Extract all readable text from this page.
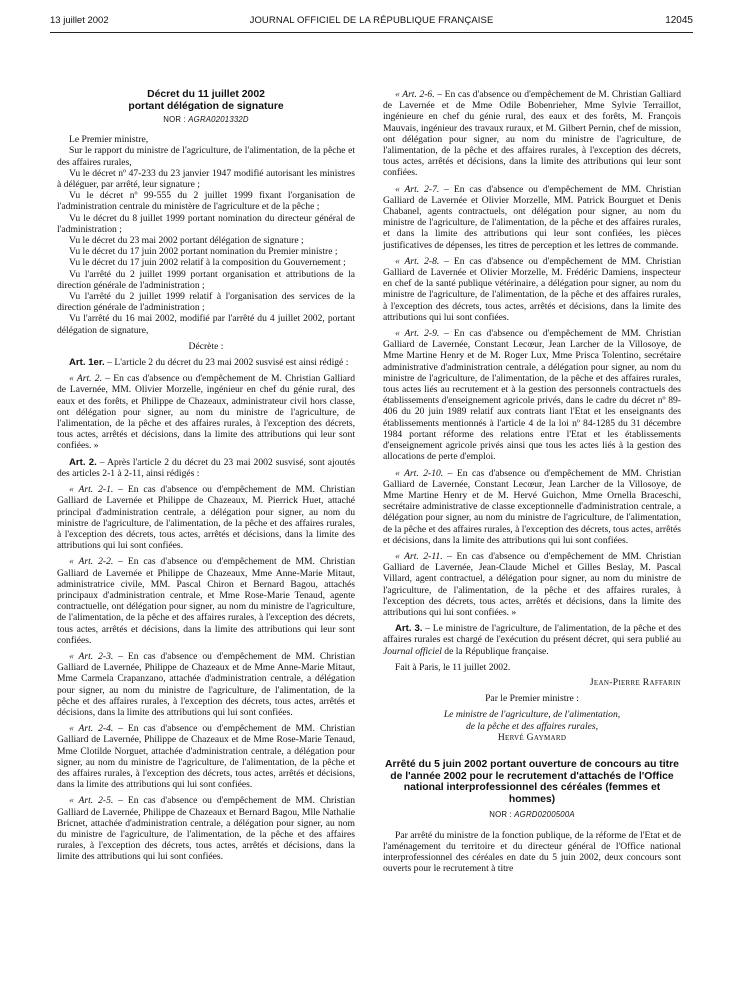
13 juillet 2002	JOURNAL OFFICIEL DE LA RÉPUBLIQUE FRANÇAISE	12045
Décret du 11 juillet 2002
portant délégation de signature
NOR : AGRA0201332D

Le Premier ministre,

Sur le rapport du ministre de l'agriculture, de l'alimentation, de la pêche et des affaires rurales,

Vu le décret nº 47-233 du 23 janvier 1947 modifié autorisant les ministres à déléguer, par arrêté, leur signature ;

Vu le décret nº 99-555 du 2 juillet 1999 fixant l'organisation de l'administration centrale du ministère de l'agriculture et de la pêche ;

Vu le décret du 8 juillet 1999 portant nomination du directeur général de l'administration ;

Vu le décret du 23 mai 2002 portant délégation de signature ;

Vu le décret du 17 juin 2002 portant nomination du Premier ministre ;

Vu le décret du 17 juin 2002 relatif à la composition du Gouvernement ;

Vu l'arrêté du 2 juillet 1999 portant organisation et attributions de la direction générale de l'administration ;

Vu l'arrêté du 2 juillet 1999 relatif à l'organisation des services de la direction générale de l'administration ;

Vu l'arrêté du 16 mai 2002, modifié par l'arrêté du 4 juillet 2002, portant délégation de signature,

Décrète :

Art. 1er. – L'article 2 du décret du 23 mai 2002 susvisé est ainsi rédigé :

« Art. 2. – En cas d'absence ou d'empêchement de M. Christian Galliard de Lavernée, MM. Olivier Morzelle, ingénieur en chef du génie rural, des eaux et des forêts, et Philippe de Chazeaux, administrateur civil hors classe, ont délégation pour signer, au nom du ministre de l'agriculture, de l'alimentation, de la pêche et des affaires rurales, à l'exception des décrets, tous actes, arrêtés et décisions, dans la limite des attributions qui leur sont confiées. »

Art. 2. – Après l'article 2 du décret du 23 mai 2002 susvisé, sont ajoutés des articles 2-1 à 2-11, ainsi rédigés :

« Art. 2-1. – En cas d'absence ou d'empêchement de MM. Christian Galliard de Lavernée et Philippe de Chazeaux, M. Pierrick Huet, attaché principal d'administration centrale, a délégation pour signer, au nom du ministre de l'agriculture, de l'alimentation, de la pêche et des affaires rurales, à l'exception des décrets, tous actes, arrêtés et décisions, dans la limite des attributions qui lui sont confiées.

« Art. 2-2. – En cas d'absence ou d'empêchement de MM. Christian Galliard de Lavernée et Philippe de Chazeaux, Mme Anne-Marie Mitaut, administratrice civile, MM. Pascal Chiron et Bernard Bagou, attachés principaux d'administration centrale, et Mme Rose-Marie Tenaud, agente contractuelle, ont délégation pour signer, au nom du ministre de l'agriculture, de l'alimentation, de la pêche et des affaires rurales, à l'exception des décrets, tous actes, arrêtés et décisions, dans la limite des attributions qui leur sont confiées.

« Art. 2-3. – En cas d'absence ou d'empêchement de MM. Christian Galliard de Lavernée, Philippe de Chazeaux et de Mme Anne-Marie Mitaut, Mme Carmela Crapanzano, attachée d'administration centrale, a délégation pour signer, au nom du ministre de l'agriculture, de l'alimentation, de la pêche et des affaires rurales, à l'exception des décrets, tous actes, arrêtés et décisions, dans la limite des attributions qui lui sont confiées.

« Art. 2-4. – En cas d'absence ou d'empêchement de MM. Christian Galliard de Lavernée, Philippe de Chazeaux et de Mme Rose-Marie Tenaud, Mme Clotilde Norguet, attachée d'administration centrale, a délégation pour signer, au nom du ministre de l'agriculture, de l'alimentation, de la pêche et des affaires rurales, à l'exception des décrets, tous actes, arrêtés et décisions, dans la limite des attributions qui lui sont confiées.

« Art. 2-5. – En cas d'absence ou d'empêchement de MM. Christian Galliard de Lavernée, Philippe de Chazeaux et Bernard Bagou, Mlle Nathalie Bricnet, attachée d'administration centrale, a délégation pour signer, au nom du ministre de l'agriculture, de l'alimentation, de la pêche et des affaires rurales, à l'exception des décrets, tous actes, arrêtés et décisions, dans la limite des attributions qui lui sont confiées.

« Art. 2-6. – En cas d'absence ou d'empêchement de M. Christian Galliard de Lavernée et de Mme Odile Bobenrieher, Mme Sylvie Terraillot, ingénieure en chef du génie rural, des eaux et des forêts, M. François Mauvais, ingénieur des travaux ruraux, et M. Gilbert Pernin, chef de mission, ont délégation pour signer, au nom du ministre de l'agriculture, de l'alimentation, de la pêche et des affaires rurales, à l'exception des décrets, tous actes, arrêtés et décisions, dans la limite des attributions qui leur sont confiées.

« Art. 2-7. – En cas d'absence ou d'empêchement de MM. Christian Galliard de Lavernée et Olivier Morzelle, MM. Patrick Bourguet et Denis Chabanel, agents contractuels, ont délégation pour signer, au nom du ministre de l'agriculture, de l'alimentation, de la pêche et des affaires rurales, et dans la limite des attributions qui leur sont confiées, les pièces justificatives de dépenses, les titres de perception et les lettres de commande.

« Art. 2-8. – En cas d'absence ou d'empêchement de MM. Christian Galliard de Lavernée et Olivier Morzelle, M. Frédéric Damiens, inspecteur en chef de la santé publique vétérinaire, a délégation pour signer, au nom du ministre de l'agriculture, de l'alimentation, de la pêche et des affaires rurales, à l'exception des décrets, tous actes, arrêtés et décisions, dans la limite des attributions qui lui sont confiées.

« Art. 2-9. – En cas d'absence ou d'empêchement de MM. Christian Galliard de Lavernée, Constant Lecœur, Jean Larcher de la Villosoye, de Mme Martine Henry et de M. Roger Lux, Mme Prisca Tolentino, secrétaire administrative d'administration centrale, a délégation pour signer, au nom du ministre de l'agriculture, de l'alimentation, de la pêche et des affaires rurales, tous actes liés au recrutement et à la gestion des personnels contractuels des établissements d'enseignement agricole privés, dans le cadre du décret nº 89-406 du 20 juin 1989 relatif aux contrats liant l'Etat et les enseignants des établissements mentionnés à l'article 4 de la loi nº 84-1285 du 31 décembre 1984 portant réforme des relations entre l'Etat et les établissements d'enseignement agricole privés ainsi que tous les actes liés à la gestion des allocations de perte d'emploi.

« Art. 2-10. – En cas d'absence ou d'empêchement de MM. Christian Galliard de Lavernée, Constant Lecœur, Jean Larcher de la Villosoye, de Mme Martine Henry et de M. Hervé Guichon, Mme Ornella Braceschi, secrétaire administrative de classe exceptionnelle d'administration centrale, a délégation pour signer, au nom du ministre de l'agriculture, de l'alimentation, de la pêche et des affaires rurales, à l'exception des décrets, tous actes, arrêtés et décisions, dans la limite des attributions qui lui sont confiées.

« Art. 2-11. – En cas d'absence ou d'empêchement de MM. Christian Galliard de Lavernée, Jean-Claude Michel et Gilles Beslay, M. Pascal Villard, agent contractuel, a délégation pour signer, au nom du ministre de l'agriculture, de l'alimentation, de la pêche et des affaires rurales, à l'exception des décrets, tous actes, arrêtés et décisions, dans la limite des attributions qui lui sont confiées. »

Art. 3. – Le ministre de l'agriculture, de l'alimentation, de la pêche et des affaires rurales est chargé de l'exécution du présent décret, qui sera publié au Journal officiel de la République française.

Fait à Paris, le 11 juillet 2002.

Jean-Pierre Raffarin

Par le Premier ministre :

Le ministre de l'agriculture, de l'alimentation,

de la pêche et des affaires rurales,

Hervé Gaymard

Arrêté du 5 juin 2002 portant ouverture de concours au titre de l'année 2002 pour le recrutement d'attachés de l'Office national interprofessionnel des céréales (femmes et hommes)
NOR : AGRD0200500A

Par arrêté du ministre de la fonction publique, de la réforme de l'Etat et de l'aménagement du territoire et du directeur général de l'Office national interprofessionnel des céréales en date du 5 juin 2002, deux concours sont ouverts pour le recrutement à titre
